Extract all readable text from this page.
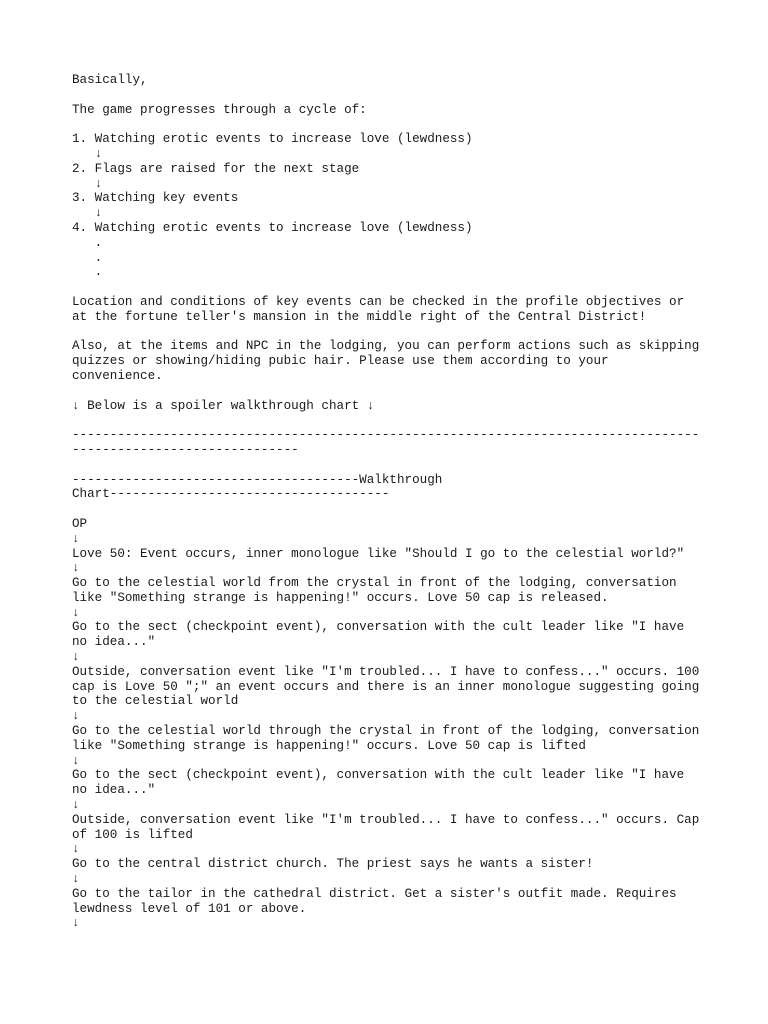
Basically,
The game progresses through a cycle of:
1. Watching erotic events to increase love (lewdness)
↓
2. Flags are raised for the next stage
↓
3. Watching key events
↓
4. Watching erotic events to increase love (lewdness)
.
.
.
Location and conditions of key events can be checked in the profile objectives or
at the fortune teller's mansion in the middle right of the Central District!
Also, at the items and NPC in the lodging, you can perform actions such as skipping
quizzes or showing/hiding pubic hair. Please use them according to your
convenience.
↓ Below is a spoiler walkthrough chart ↓
-----------------------------------------------------------------------------------
------------------------------
--------------------------------------Walkthrough
Chart-------------------------------------
OP
↓
Love 50: Event occurs, inner monologue like "Should I go to the celestial world?"
↓
Go to the celestial world from the crystal in front of the lodging, conversation
like "Something strange is happening!" occurs. Love 50 cap is released.
↓
Go to the sect (checkpoint event), conversation with the cult leader like "I have
no idea..."
↓
Outside, conversation event like "I'm troubled... I have to confess..." occurs. 100
cap is Love 50 ";" an event occurs and there is an inner monologue suggesting going
to the celestial world
↓
Go to the celestial world through the crystal in front of the lodging, conversation
like "Something strange is happening!" occurs. Love 50 cap is lifted
↓
Go to the sect (checkpoint event), conversation with the cult leader like "I have
no idea..."
↓
Outside, conversation event like "I'm troubled... I have to confess..." occurs. Cap
of 100 is lifted
↓
Go to the central district church. The priest says he wants a sister!
↓
Go to the tailor in the cathedral district. Get a sister's outfit made. Requires
lewdness level of 101 or above.
↓
